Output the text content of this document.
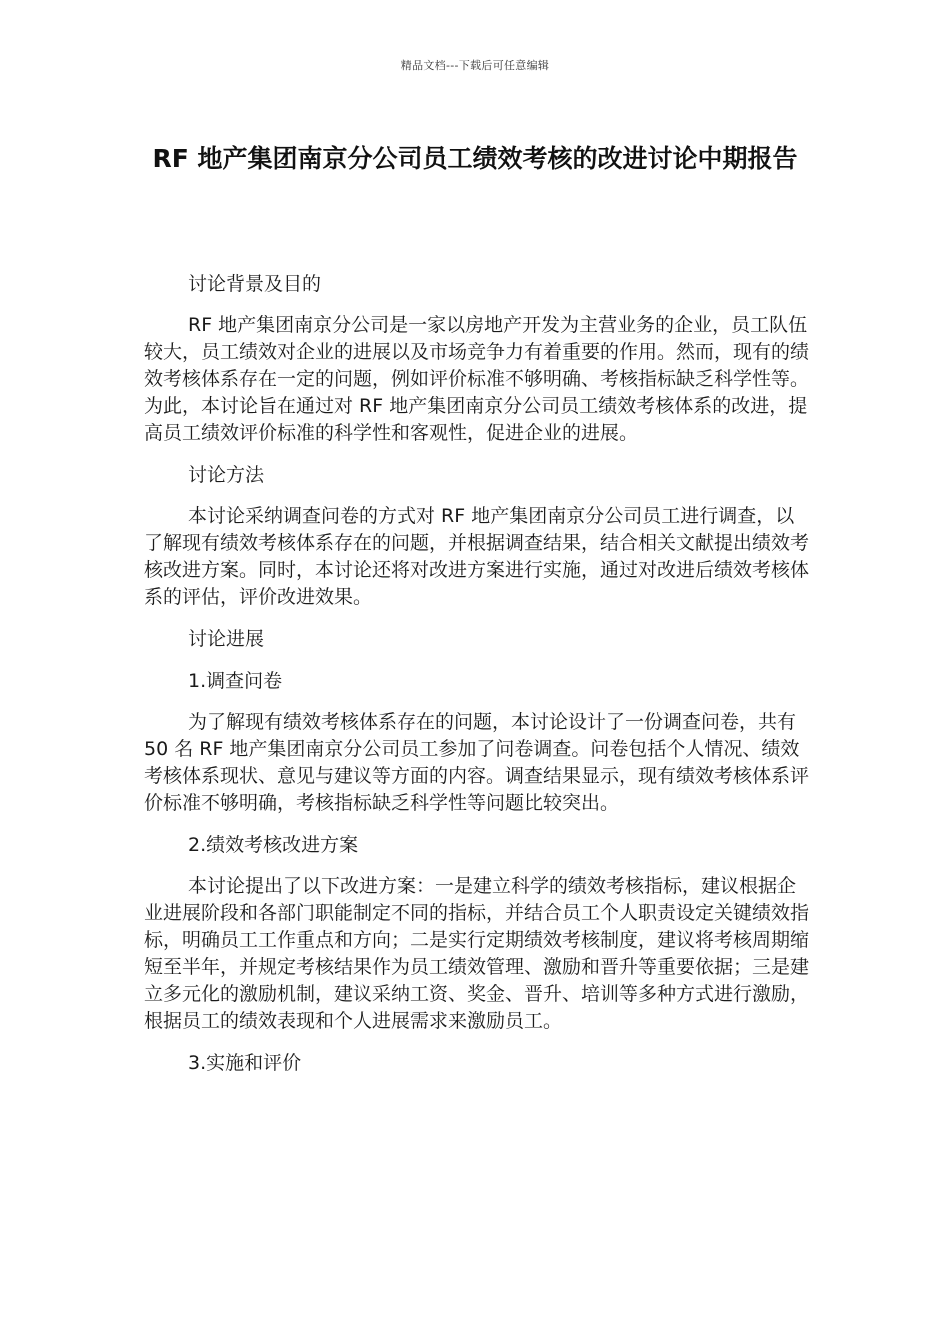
精品文档---下载后可任意编辑
RF 地产集团南京分公司员工绩效考核的改进讨论中期报告
讨论背景及目的

RF 地产集团南京分公司是一家以房地产开发为主营业务的企业，员工队伍较大，员工绩效对企业的进展以及市场竞争力有着重要的作用。然而，现有的绩效考核体系存在一定的问题，例如评价标准不够明确、考核指标缺乏科学性等。为此，本讨论旨在通过对 RF 地产集团南京分公司员工绩效考核体系的改进，提高员工绩效评价标准的科学性和客观性，促进企业的进展。

讨论方法

本讨论采纳调查问卷的方式对 RF 地产集团南京分公司员工进行调查，以了解现有绩效考核体系存在的问题，并根据调查结果，结合相关文献提出绩效考核改进方案。同时，本讨论还将对改进方案进行实施，通过对改进后绩效考核体系的评估，评价改进效果。

讨论进展
1.调查问卷

为了解现有绩效考核体系存在的问题，本讨论设计了一份调查问卷，共有 50 名 RF 地产集团南京分公司员工参加了问卷调查。问卷包括个人情况、绩效考核体系现状、意见与建议等方面的内容。调查结果显示，现有绩效考核体系评价标准不够明确，考核指标缺乏科学性等问题比较突出。

2.绩效考核改进方案

本讨论提出了以下改进方案：一是建立科学的绩效考核指标，建议根据企业进展阶段和各部门职能制定不同的指标，并结合员工个人职责设定关键绩效指标，明确员工工作重点和方向；二是实行定期绩效考核制度，建议将考核周期缩短至半年，并规定考核结果作为员工绩效管理、激励和晋升等重要依据；三是建立多元化的激励机制，建议采纳工资、奖金、晋升、培训等多种方式进行激励，根据员工的绩效表现和个人进展需求来激励员工。

3.实施和评价
